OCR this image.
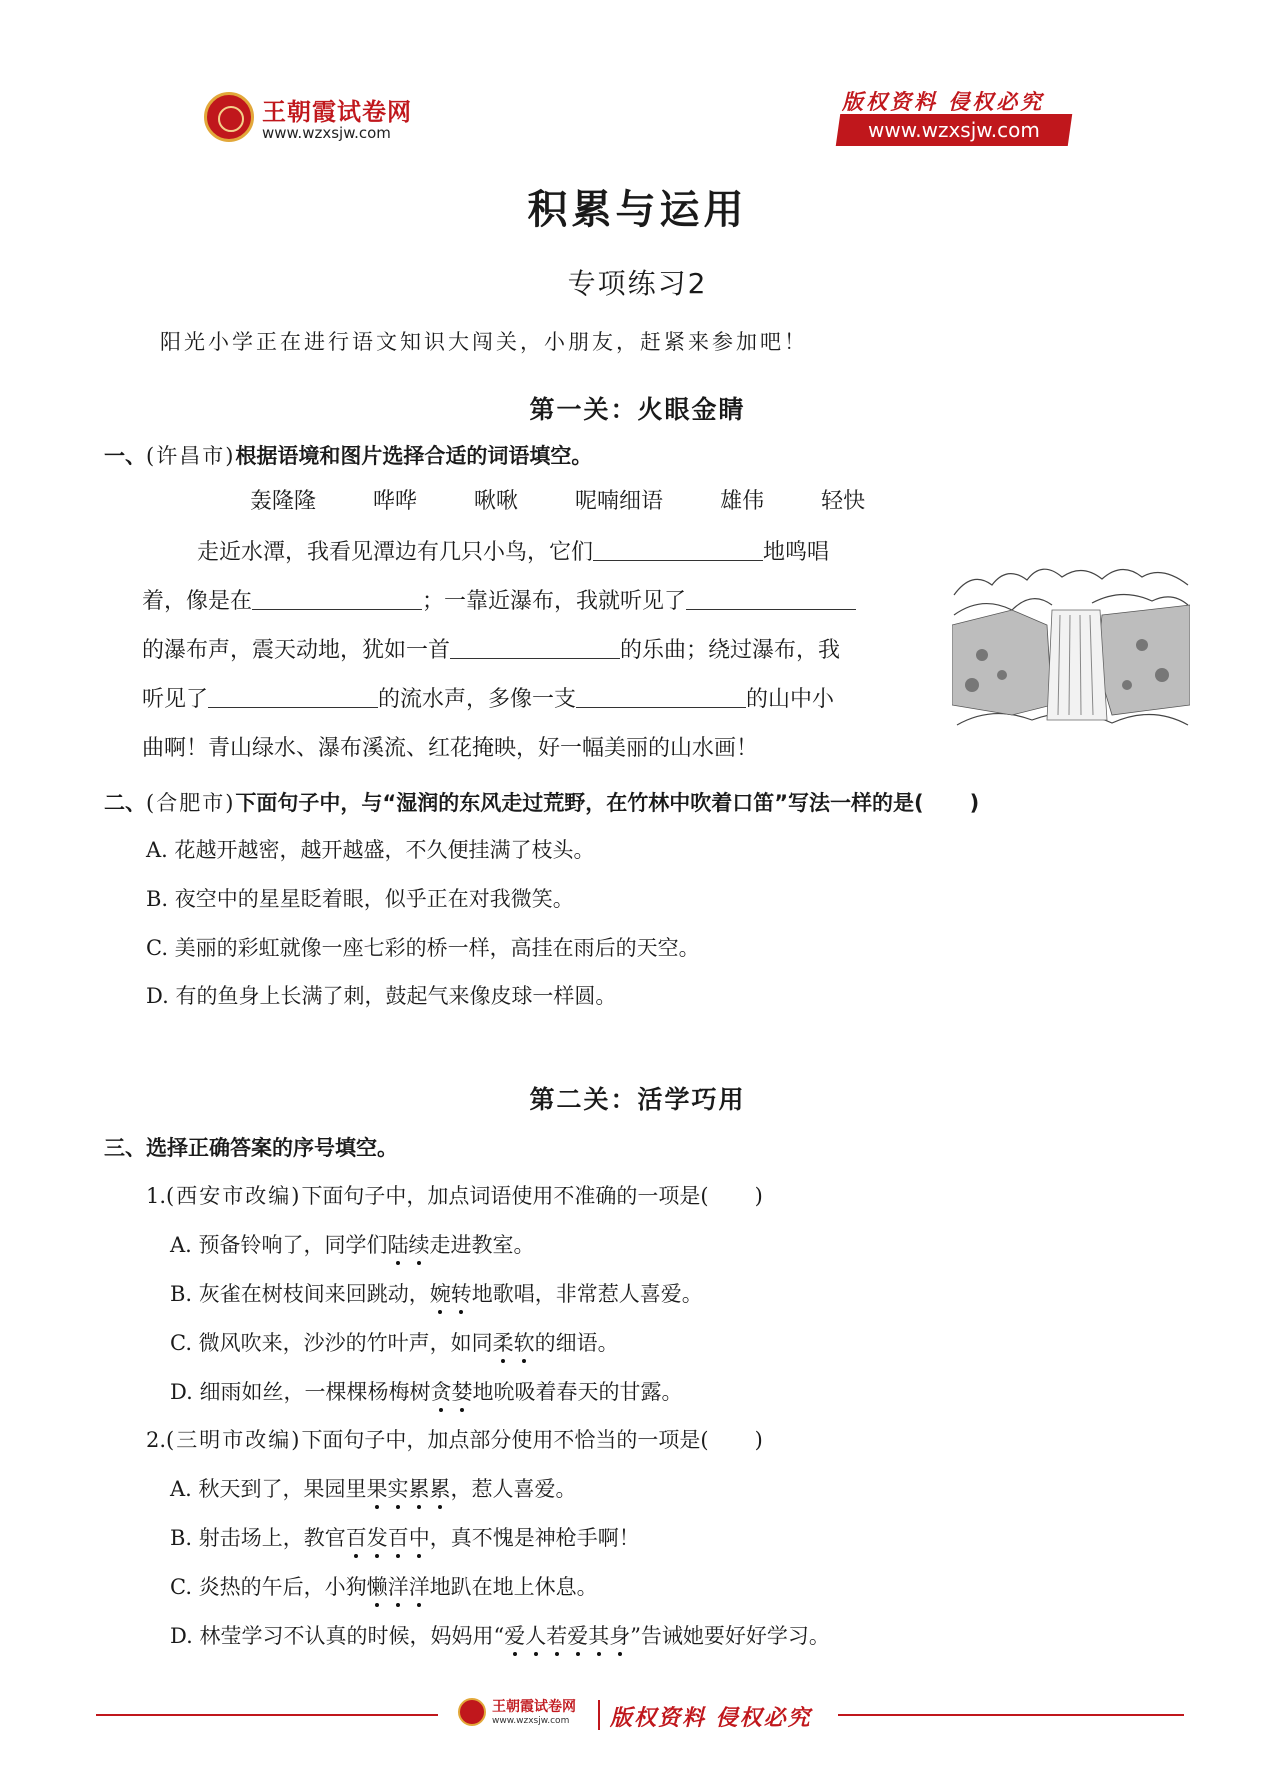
王朝霞试卷网
www.wzxsjw.com
版权资料 侵权必究
www.wzxsjw.com
积累与运用
专项练习2
阳光小学正在进行语文知识大闯关，小朋友，赶紧来参加吧！
第一关：火眼金睛
一、(许昌市)根据语境和图片选择合适的词语填空。
轰隆隆	哗哗	啾啾	呢喃细语	雄伟	轻快
走近水潭，我看见潭边有几只小鸟，它们	地鸣唱
着，像是在	；一靠近瀑布，我就听见了
的瀑布声，震天动地，犹如一首	的乐曲；绕过瀑布，我
听见了	的流水声，多像一支	的山中小
曲啊！青山绿水、瀑布溪流、红花掩映，好一幅美丽的山水画！
二、(合肥市)下面句子中，与“湿润的东风走过荒野，在竹林中吹着口笛”写法一样的是( )
A. 花越开越密，越开越盛，不久便挂满了枝头。
B. 夜空中的星星眨着眼，似乎正在对我微笑。
C. 美丽的彩虹就像一座七彩的桥一样，高挂在雨后的天空。
D. 有的鱼身上长满了刺，鼓起气来像皮球一样圆。
第二关：活学巧用
三、选择正确答案的序号填空。
1.(西安市改编)下面句子中，加点词语使用不准确的一项是( )
A. 预备铃响了，同学们陆续走进教室。
B. 灰雀在树枝间来回跳动，婉转地歌唱，非常惹人喜爱。
C. 微风吹来，沙沙的竹叶声，如同柔软的细语。
D. 细雨如丝，一棵棵杨梅树贪婪地吮吸着春天的甘露。
2.(三明市改编)下面句子中，加点部分使用不恰当的一项是( )
A. 秋天到了，果园里果实累累，惹人喜爱。
B. 射击场上，教官百发百中，真不愧是神枪手啊！
C. 炎热的午后，小狗懒洋洋地趴在地上休息。
D. 林莹学习不认真的时候，妈妈用“爱人若爱其身”告诫她要好好学习。
王朝霞试卷网
www.wzxsjw.com 版权资料 侵权必究
